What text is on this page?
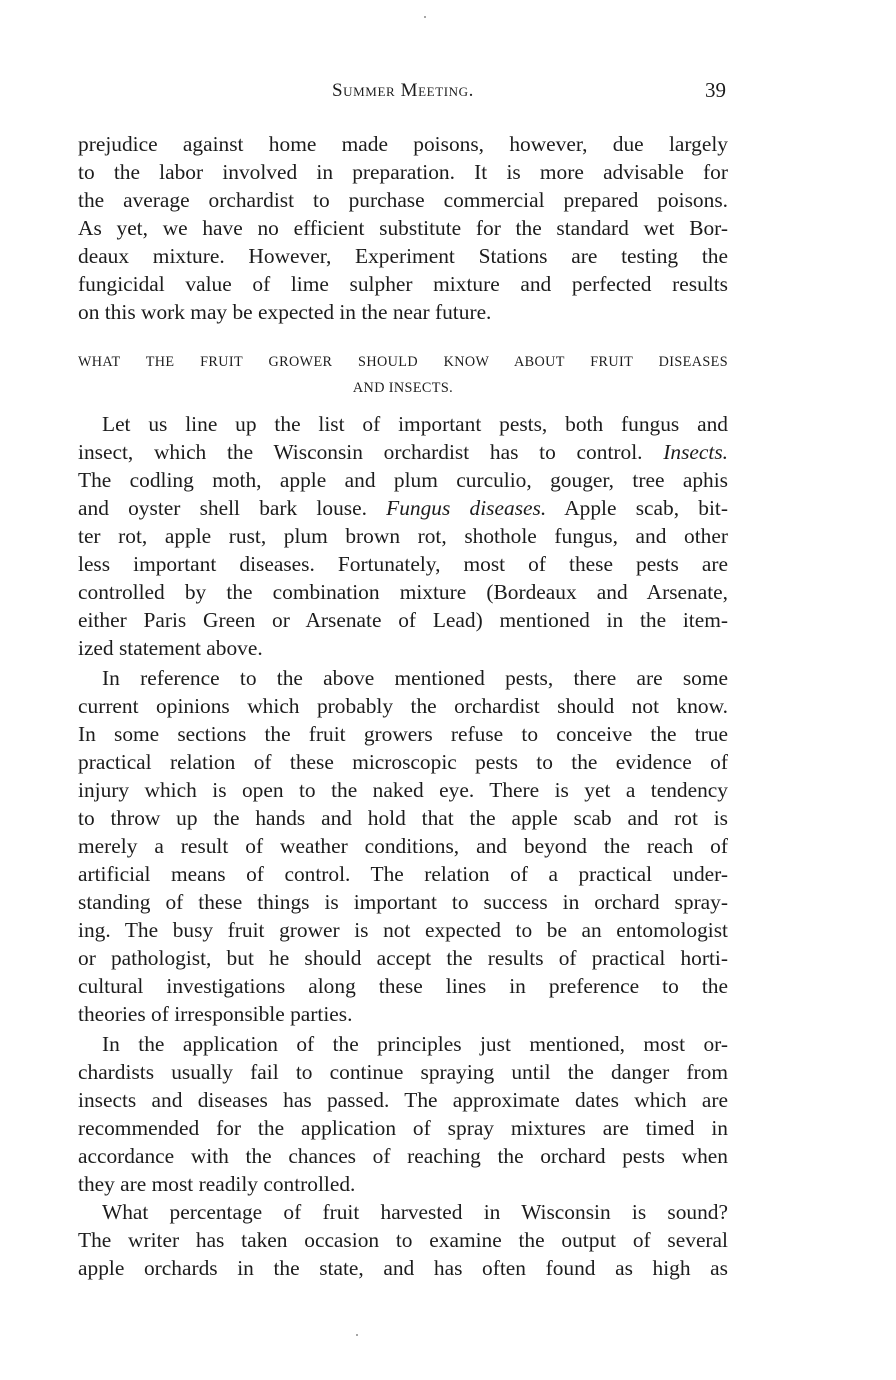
Summer Meeting.	39
prejudice against home made poisons, however, due largely
to the labor involved in preparation. It is more advisable for
the average orchardist to purchase commercial prepared poisons.
As yet, we have no efficient substitute for the standard wet Bor-
deaux mixture. However, Experiment Stations are testing the
fungicidal value of lime sulpher mixture and perfected results
on this work may be expected in the near future.
WHAT THE FRUIT GROWER SHOULD KNOW ABOUT FRUIT DISEASES
AND INSECTS.
Let us line up the list of important pests, both fungus and
insect, which the Wisconsin orchardist has to control. Insects.
The codling moth, apple and plum curculio, gouger, tree aphis
and oyster shell bark louse. Fungus diseases. Apple scab, bit-
ter rot, apple rust, plum brown rot, shothole fungus, and other
less important diseases. Fortunately, most of these pests are
controlled by the combination mixture (Bordeaux and Arsenate,
either Paris Green or Arsenate of Lead) mentioned in the item-
ized statement above.
In reference to the above mentioned pests, there are some
current opinions which probably the orchardist should not know.
In some sections the fruit growers refuse to conceive the true
practical relation of these microscopic pests to the evidence of
injury which is open to the naked eye. There is yet a tendency
to throw up the hands and hold that the apple scab and rot is
merely a result of weather conditions, and beyond the reach of
artificial means of control. The relation of a practical under-
standing of these things is important to success in orchard spray-
ing. The busy fruit grower is not expected to be an entomologist
or pathologist, but he should accept the results of practical horti-
cultural investigations along these lines in preference to the
theories of irresponsible parties.
In the application of the principles just mentioned, most or-
chardists usually fail to continue spraying until the danger from
insects and diseases has passed. The approximate dates which are
recommended for the application of spray mixtures are timed in
accordance with the chances of reaching the orchard pests when
they are most readily controlled.
What percentage of fruit harvested in Wisconsin is sound?
The writer has taken occasion to examine the output of several
apple orchards in the state, and has often found as high as
